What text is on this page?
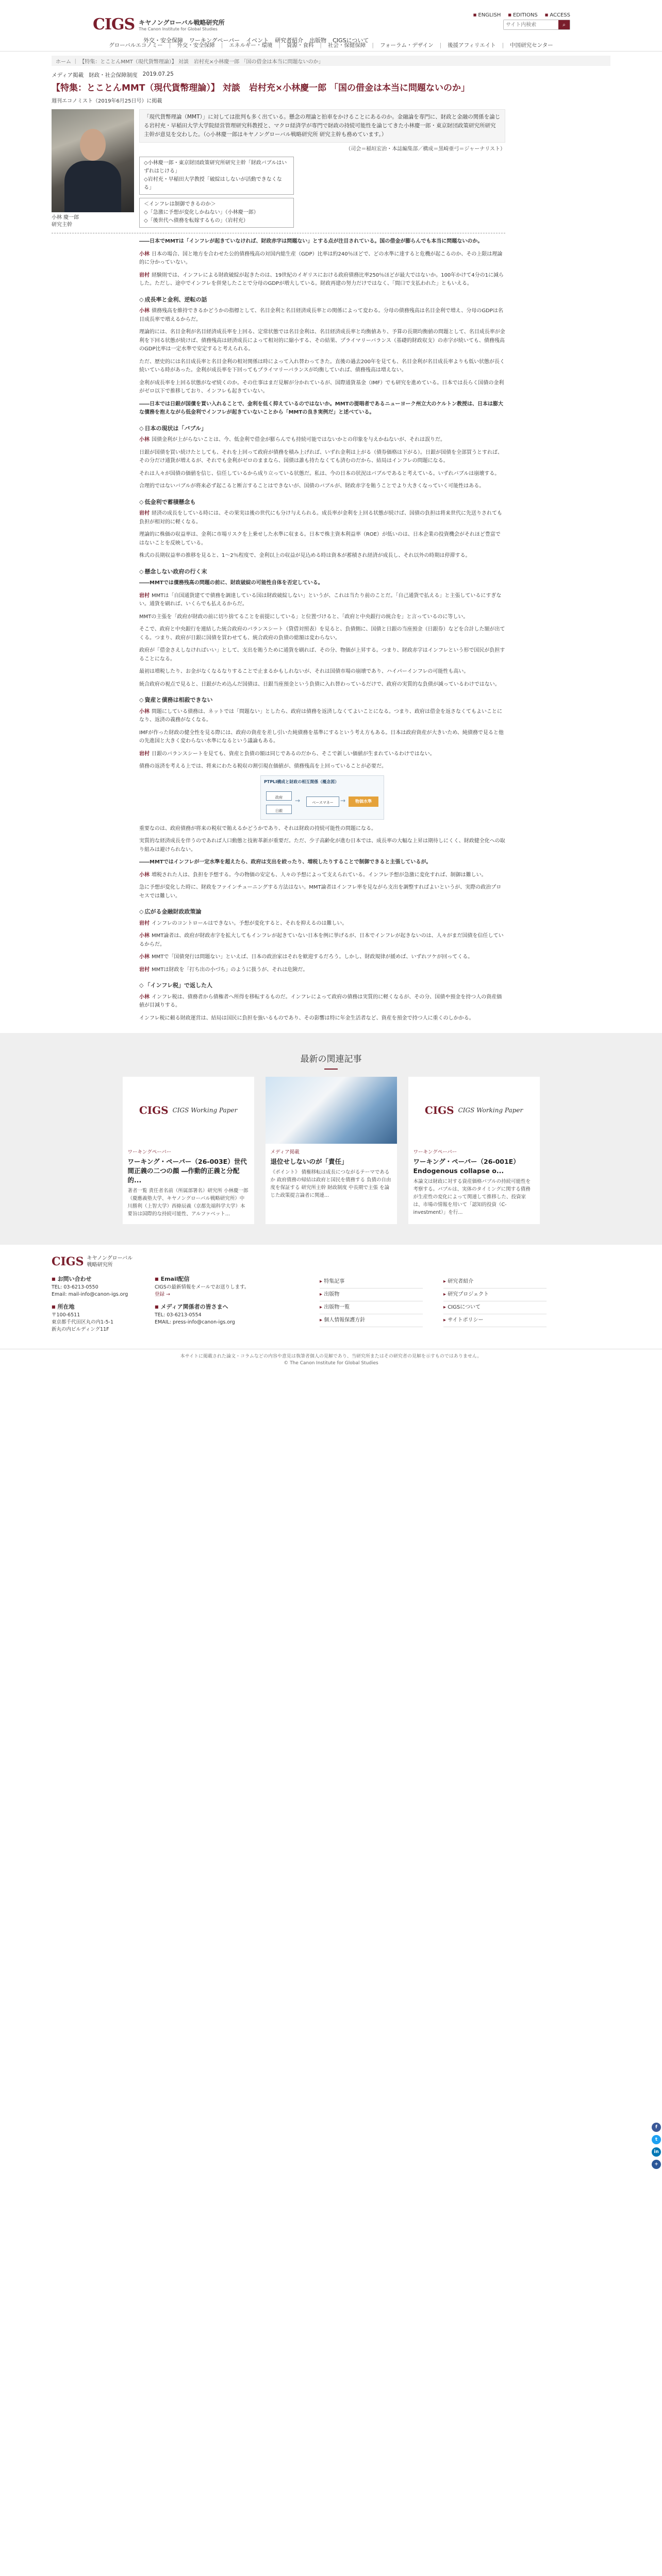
■ ENGLISH	■ EDITIONS	■ ACCESS
CIGS キヤノングローバル戦略研究所
The Canon Institute for Global Studies
サイト内検索
⌕
外交・安全保障 ワーキングペーパー イベント 研究者紹介 出版物 CIGSについて
グローバルエコノミー | 外交・安全保障 | エネルギー・環境 | 資源・食料 | 社会・保健保障 | フォーラム・デザイン | 後援アフィリエイト | 中国研究センター
ホーム ｜ 【特集：とことんMMT（現代貨幣理論）】 対談　岩村充×小林慶一郎 「国の借金は本当に問題ないのか」
メディア掲載 財政・社会保障制度 2019.07.25
【特集：とことんMMT（現代貨幣理論）】 対談　岩村充×小林慶一郎 「国の借金は本当に問題ないのか」
週刊エコノミスト（2019年6月25日号）に掲載
小林 慶一郎
研究主幹
「現代貨幣理論（MMT）」に対しては批判も多く出ている。懸念の理論と拍車をかけることにあるのか。金融論を専門に、財政と金融の関係を論じる岩村充・早稲田大学大学院経営管理研究科教授と、マクロ経済学が専門で財政の持続可能性を論じてきた小林慶一郎・東京財団政策研究所研究主幹が意見を交わした。（◇小林慶一郎はキヤノングローバル戦略研究所 研究主幹も務めています。）
（司会＝稲垣宏治・本誌編集部／構成＝黒崎亜弓＝ジャーナリスト）
◇小林慶一郎・東京財団政策研究所研究主幹「財政バブルはいずれはじける」
◇岩村充・早稲田大学教授「破綻はしないが活動できなくなる」
＜インフレは制御できるのか＞
◇「急激に予想が変化しかねない」（小林慶一郎）
◇「後世代へ債務を転嫁するもの」（岩村充）

――日本でMMTは「インフレが起きていなければ、財政赤字は問題ない」とする点が注目されている。国の借金が膨らんでも本当に問題ないのか。

小林 日本の場合、国と地方を合わせた公的債務残高の対国内総生産（GDP）比率は約240％ほどで、どの水準に達すると危機が起こるのか、その上限は理論的に分かっていない。

岩村 経験則では、インフレによる財政破綻が起きたのは、19世紀のイギリスにおける政府債務比率250％ほどが最大ではないか。100年かけて4分の1に減らした。ただし、途中でインフレを併発したことで分母のGDPが増大している。財政再建の努力だけではなく、「間口で支払われた」ともいえる。

◇ 成長率と金利、逆転の話

小林 債務残高を維持できるかどうかの指標として、名目金利と名目経済成長率との関係によって変わる。分母の債務残高は名目金利で増え、分母のGDPは名目成長率で増えるからだ。

理論的には、名目金利が名目経済成長率を上回る、定常状態では名目金利は、名目経済成長率と均衡値あり、予算の長期均衡値の問題として、名目成長率が金利を下回る状態が続けば、債務残高は経済成長によって相対的に縮小する、その結果、プライマリーバランス（基礎的財政収支）の赤字が続いても、債務残高のGDP比率は一定水準で安定すると考えられる。

ただ、歴史的には名目成長率と名目金利の相対関係は時によって入れ替わってきた。直後の過去200年を見ても、名目金利が名目成長率よりも低い状態が長く続いている時があった。金利が成長率を下回ってもプライマリーバランスが均衡していれば、債務残高は増えない。

金利が成長率を上回る状態がなぜ続くのか。その仕事はまだ見解が分かれているが、国際通貨基金（IMF）でも研究を進めている。日本では長らく国債の金利がゼロ以下で推移しており、インフレも起きていない。

――日本では日銀が国債を買い入れることで、金利を低く抑えているのではないか。MMTの提唱者であるニューヨーク州立大のケルトン教授は、日本は膨大な債務を抱えながら低金利でインフレが起きていないことから「MMTの良き実例だ」と述べている。

◇ 日本の現状は「バブル」

小林 国債金利が上がらないことは、今、低金利で借金が膨らんでも持続可能ではないかとの印象を与えかねないが、それは誤りだ。

日銀が国債を買い続けたとしても、それを上回って政府が債務を積み上げれば、いずれ金利は上がる（債券価格は下がる）。日銀が国債を全部買うとすれば、その分だけ通貨が増えるが、それでも金利がゼロのままなら、国債は誰も持たなくても済むのだから、結局はインフレの問題になる。

それは人々が国債の価値を信じ、信任しているから成り立っている状態だ。私は、今の日本の状況はバブルであると考えている。いずれバブルは崩壊する。

合理的ではないバブルが将来必ず起こると断言することはできないが、国債のバブルが、財政赤字を賄うことでより大きくなっていく可能性はある。

◇ 低金利で蓄積懸念も

岩村 経済の成長をしている時には、その果実は後の世代にも分け与えられる。成長率が金利を上回る状態が続けば、国債の負担は将来世代に先送りされても負担が相対的に軽くなる。

理論的に株価の収益率は、金利に市場リスクを上乗せした水準に収まる。日本で株主資本利益率（ROE）が低いのは、日本企業の投資機会がそれほど豊富ではないことを反映している。

株式の長期収益率の推移を見ると、1～2％程度で、金利以上の収益が見込める時は資本が蓄積され経済が成長し、それ以外の時期は停滞する。

◇ 懸念しない政府の行く末

――MMTでは債務残高の問題の前に、財政破綻の可能性自体を否定している。

岩村 MMTは「自国通貨建てで債務を調達している国は財政破綻しない」というが、これは当たり前のことだ。「自己通貨で払える」と主張しているにすぎない。通貨を刷れば、いくらでも払えるからだ。

MMTの主張を「政府が財政の前に切り捨てることを前提にしている」と位置づけると、「政府と中央銀行の統合を」と言っているのに等しい。

そこで、政府と中央銀行を連結した統合政府のバランスシート（貸借対照表）を見ると、負債側に、国債と日銀の当座預金（日銀券）などを合計した額が出てくる。つまり、政府が日銀に国債を買わせても、統合政府の負債の総額は変わらない。

政府が「借金さえしなければいい」として、支出を賄うために通貨を刷れば、その分、物価が上昇する。つまり、財政赤字はインフレという形で国民が負担することになる。

最初は増税したり、お金がなくなるなりすることで止まるかもしれないが、それは国債市場の崩壊であり、ハイパーインフレの可能性も高い。

統合政府の視点で見ると、日銀がため込んだ国債は、日銀当座預金という負債に入れ替わっているだけで、政府の実質的な負債が減っているわけではない。

◇ 資産と債務は相殺できない

小林 問題にしている債務は、ネットでは「問題ない」としたら、政府は債務を返済しなくてよいことになる。つまり、政府は借金を返さなくてもよいことになり、返済の義務がなくなる。

IMFが作った財政の健全性を見る際には、政府の資産を差し引いた純債務を基準にするという考え方もある。日本は政府資産が大きいため、純債務で見ると他の先進国と大きく変わらない水準になるという議論もある。

岩村 日銀のバランスシートを見ても、資産と負債の額は同じであるのだから、そこで新しい価値が生まれているわけではない。

債務の返済を考える上では、将来にわたる税収の割引現在価値が、債務残高を上回っていることが必要だ。

PTPLI構成と財政の相互関係（概念図）
政府
日銀
→	ベースマネー	→	物価水準

重要なのは、政府債務が将来の税収で賄えるかどうかであり、それは財政の持続可能性の問題になる。

実質的な経済成長を伴うのであれば人口動態と技術革新が重要だ。ただ、少子高齢化が進む日本では、成長率の大幅な上昇は期待しにくく、財政健全化への取り組みは避けられない。

――MMTではインフレが一定水準を超えたら、政府は支出を絞ったり、増税したりすることで制御できると主張しているが。

小林 増税された人は、負担を予想する。今の物価の安定も、人々の予想によって支えられている。インフレ予想が急激に変化すれば、制御は難しい。

急に予想が変化した時に、財政をファインチューニングする方法はない。MMT論者はインフレ率を見ながら支出を調整すればよいというが、実際の政治プロセスでは難しい。

◇ 広がる金融財政政策論

岩村 インフレのコントロールはできない。予想が変化すると、それを抑えるのは難しい。

小林 MMT論者は、政府が財政赤字を拡大してもインフレが起きていない日本を例に挙げるが、日本でインフレが起きないのは、人々がまだ国債を信任しているからだ。

小林 MMTで「国債発行は問題ない」といえば、日本の政治家はそれを歓迎するだろう。しかし、財政規律が緩めば、いずれツケが回ってくる。

岩村 MMTは財政を「打ち出の小づち」のように扱うが、それは危険だ。

◇ 「インフレ税」で返した人

小林 インフレ税は、債務者から債権者へ所得を移転するものだ。インフレによって政府の債務は実質的に軽くなるが、その分、国債や預金を持つ人の資産価値が目減りする。

インフレ税に頼る財政運営は、結局は国民に負担を強いるものであり、その影響は特に年金生活者など、資産を預金で持つ人に重くのしかかる。

f
t
in
+
最新の関連記事
CIGS CIGS Working Paper
ワーキングペーパー
ワーキング・ペーパー（26-003E）世代間正義の二つの顔 ―作動的正義と分配的...
著者一覧 責任者名前（所属部署名）研究所 小林慶一郎（慶應義塾大学、キヤノングローバル戦略研究所）中川勝利（上智大学）西條辰義（京都先端科学大学）本要旨は国際的な持続可能性、アルファベット...
メディア掲載
退位せしないのが「責任」
《ポイント》 債権移転は成長につながるテーマであるか 政府債務の帰結は政府と国民を債務する 負債の自由度を保証する 研究所主幹 財政制度 中長期で主張 を論じた政策提言論者に関連...
CIGS CIGS Working Paper
ワーキングペーパー
ワーキング・ペーパー（26-001E）Endogenous collapse o...
本論文は財政に対する資産価格バブルの持続可能性を考察する。バブルは、実体のタイミングに関する債務が生産性の変化によって関連して推移した、投資家は、市場の情報を用いて「認知的投資（C-investment）」を行...
CIGS キヤノングローバル
戦略研究所
■ お問い合わせ
TEL: 03-6213-0550
Email: mail-info@canon-igs.org
■ 所在地
〒100-6511
東京都千代田区丸の内1-5-1
新丸の内ビルディング11F
■ Email配信
CIGSの最新情報をメールでお送りします。
登録 →
■ メディア関係者の皆さまへ
TEL: 03-6213-0554
EMAIL: press-info@canon-igs.org
▸ 特集記事
▸ 出版物
▸ 出版物一覧
▸ 個人情報保護方針
▸ 研究者紹介
▸ 研究プロジェクト
▸ CIGSについて
▸ サイトポリシー
本サイトに掲載された論文・コラムなどの内容や意見は執筆者個人の見解であり、当研究所またはその研究者の見解を示すものではありません。
© The Canon Institute for Global Studies
